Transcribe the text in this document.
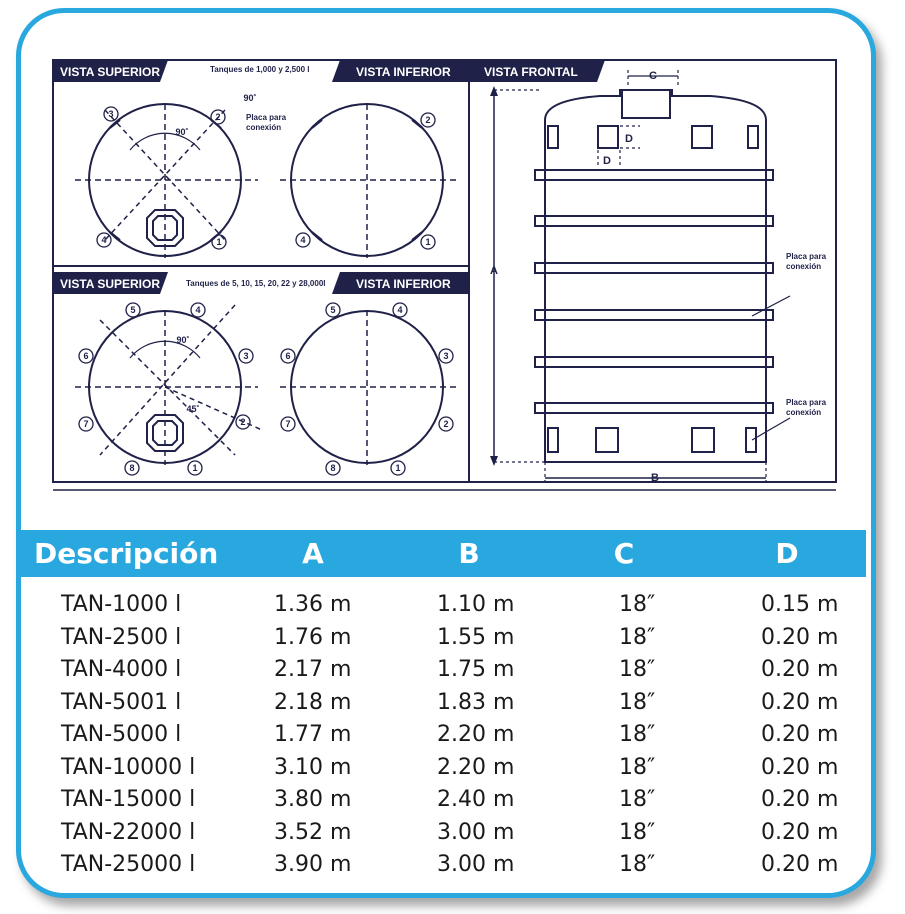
VISTA SUPERIOR	VISTA INFERIOR	VISTA FRONTAL
VISTA SUPERIOR	VISTA INFERIOR
Tanques de 1,000 y 2,500 l
Tanques de 5, 10, 15, 20, 22 y 28,000l
3	2
4	1
90˚
90˚
Placa para
conexión
2
4	1
5	4
6	3
7	2
8	1
90˚
45˚
5	4
6	3
7	2
8	1
A
B
C
D
D
Placa para
conexión
Placa para
conexión
Descripción	A	B	C	D
TAN-1000 l	1.36 m	1.10 m	18″	0.15 m
TAN-2500 l	1.76 m	1.55 m	18″	0.20 m
TAN-4000 l	2.17 m	1.75 m	18″	0.20 m
TAN-5001 l	2.18 m	1.83 m	18″	0.20 m
TAN-5000 l	1.77 m	2.20 m	18″	0.20 m
TAN-10000 l	3.10 m	2.20 m	18″	0.20 m
TAN-15000 l	3.80 m	2.40 m	18″	0.20 m
TAN-22000 l	3.52 m	3.00 m	18″	0.20 m
TAN-25000 l	3.90 m	3.00 m	18″	0.20 m
